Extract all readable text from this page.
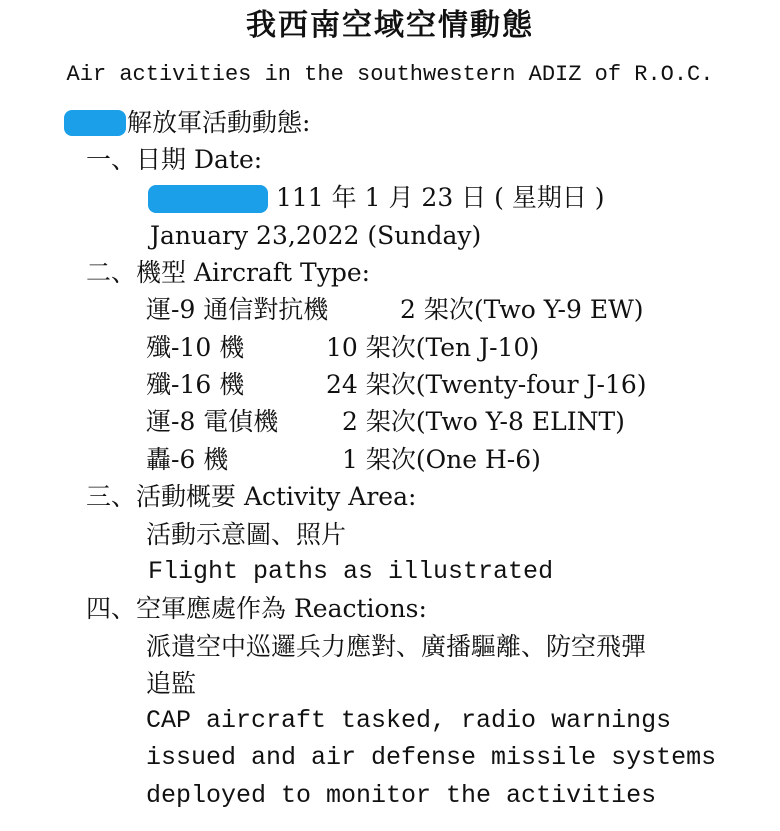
我西南空域空情動態
Air activities in the southwestern ADIZ of R.O.C.
解放軍活動動態:
一、日期 Date:
111 年 1 月 23 日 ( 星期日 )
January 23,2022 (Sunday)
二、機型 Aircraft Type:
運-9 通信對抗機	2 架次(Two Y-9 EW)
殲-10 機	10 架次(Ten J-10)
殲-16 機	24 架次(Twenty-four J-16)
運-8 電偵機	2 架次(Two Y-8 ELINT)
轟-6 機	1 架次(One H-6)
三、活動概要 Activity Area:
活動示意圖、照片
Flight paths as illustrated
四、空軍應處作為 Reactions:
派遣空中巡邏兵力應對、廣播驅離、防空飛彈
追監
CAP aircraft tasked, radio warnings
issued and air defense missile systems
deployed to monitor the activities
